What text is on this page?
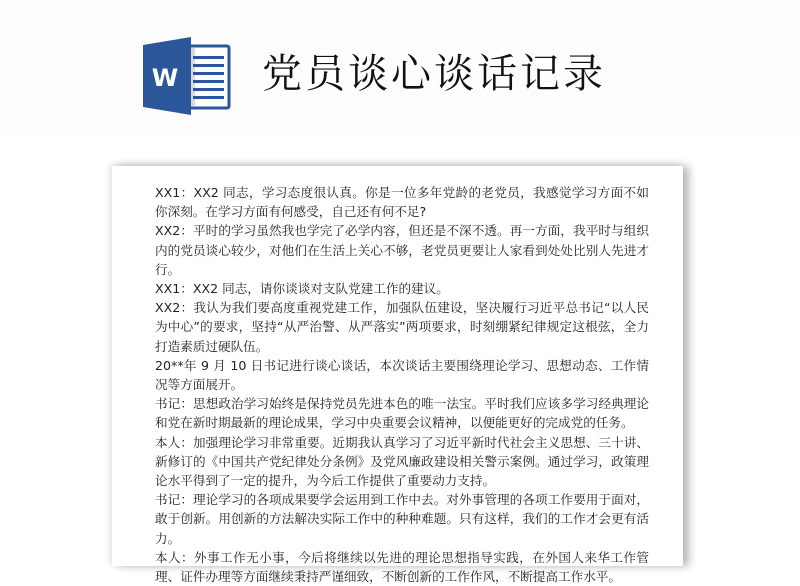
W 党员谈心谈话记录

XX1：XX2 同志，学习态度很认真。你是一位多年党龄的老党员，我感觉学习方面不如你深刻。在学习方面有何感受，自己还有何不足?

XX2：平时的学习虽然我也学完了必学内容，但还是不深不透。再一方面，我平时与组织内的党员谈心较少，对他们在生活上关心不够，老党员更要让人家看到处处比别人先进才行。

XX1：XX2 同志，请你谈谈对支队党建工作的建议。

XX2：我认为我们要高度重视党建工作，加强队伍建设，坚决履行习近平总书记“以人民为中心”的要求，坚持“从严治警、从严落实”两项要求，时刻绷紧纪律规定这根弦，全力打造素质过硬队伍。

20**年 9 月 10 日书记进行谈心谈话，本次谈话主要围绕理论学习、思想动态、工作情况等方面展开。

书记：思想政治学习始终是保持党员先进本色的唯一法宝。平时我们应该多学习经典理论和党在新时期最新的理论成果，学习中央重要会议精神，以便能更好的完成党的任务。

本人：加强理论学习非常重要。近期我认真学习了习近平新时代社会主义思想、三十讲、新修订的《中国共产党纪律处分条例》及党风廉政建设相关警示案例。通过学习，政策理论水平得到了一定的提升，为今后工作提供了重要动力支持。

书记：理论学习的各项成果要学会运用到工作中去。对外事管理的各项工作要用于面对，敢于创新。用创新的方法解决实际工作中的种种难题。只有这样，我们的工作才会更有活力。

本人：外事工作无小事，今后将继续以先进的理论思想指导实践，在外国人来华工作管理、证件办理等方面继续秉持严谨细致，不断创新的工作作风，不断提高工作水平。
